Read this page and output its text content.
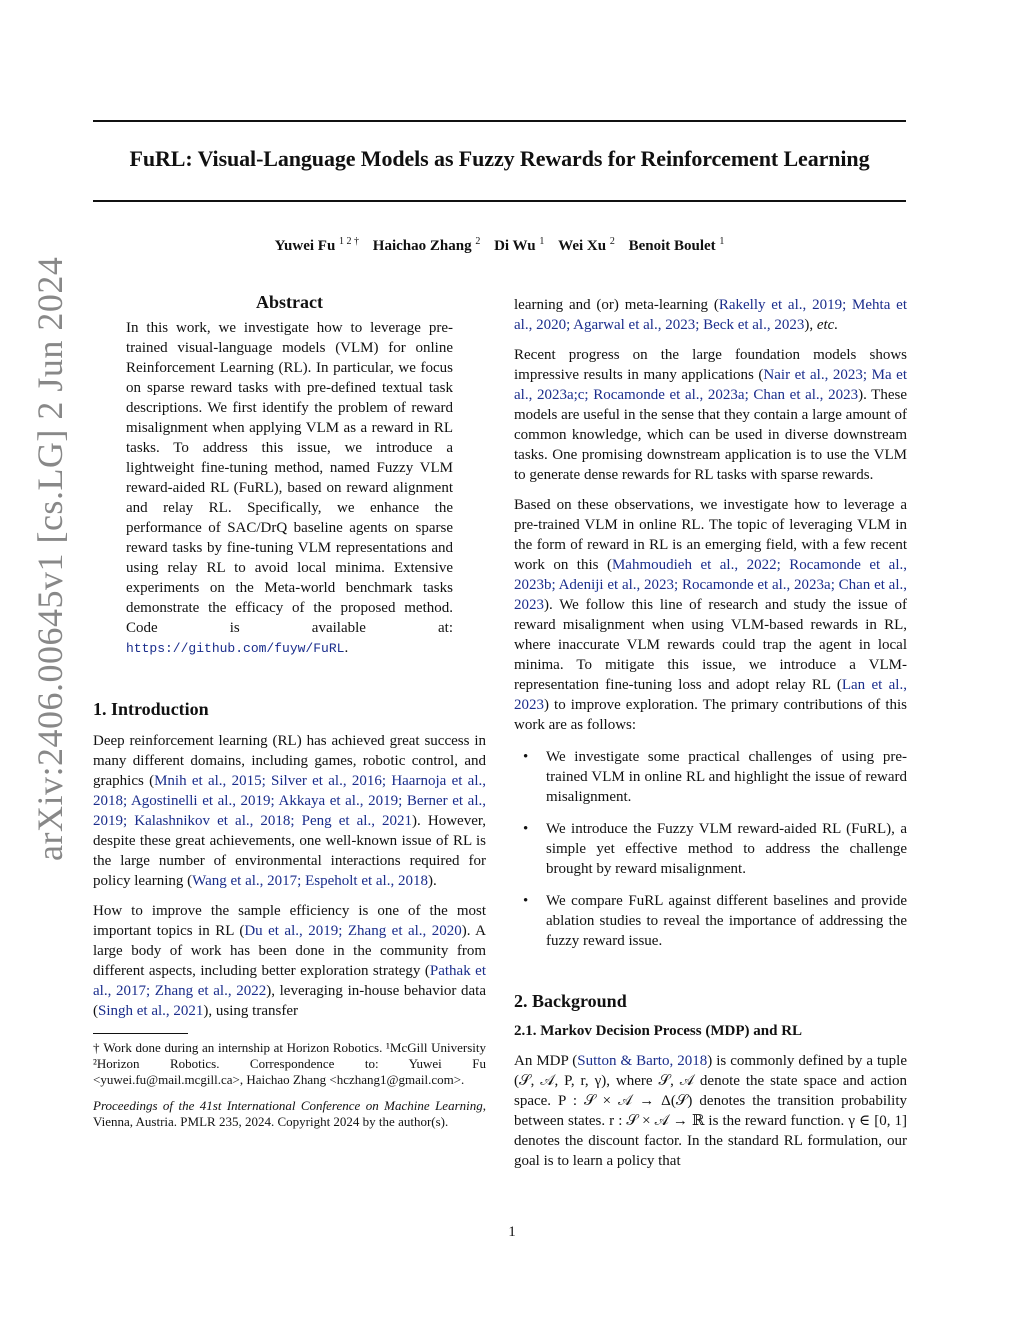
FuRL: Visual-Language Models as Fuzzy Rewards for Reinforcement Learning
Yuwei Fu $^{1 2 \dagger}$ Haichao Zhang $^2$ Di Wu $^1$ Wei Xu $^2$ Benoit Boulet $^1$
arXiv:2406.00645v1 [cs.LG] 2 Jun 2024	Abstract

In this work, we investigate how to leverage pre-trained visual-language models (VLM) for online Reinforcement Learning (RL). In particular, we focus on sparse reward tasks with pre-defined textual task descriptions. We first identify the problem of reward misalignment when applying VLM as a reward in RL tasks. To address this issue, we introduce a lightweight fine-tuning method, named Fuzzy VLM reward-aided RL (FuRL), based on reward alignment and relay RL. Specifically, we enhance the performance of SAC/DrQ baseline agents on sparse reward tasks by fine-tuning VLM representations and using relay RL to avoid local minima. Extensive experiments on the Meta-world benchmark tasks demonstrate the efficacy of the proposed method. Code is available at: https://github.com/fuyw/FuRL.

1. Introduction

Deep reinforcement learning (RL) has achieved great success in many different domains, including games, robotic control, and graphics (Mnih et al., 2015; Silver et al., 2016; Haarnoja et al., 2018; Agostinelli et al., 2019; Akkaya et al., 2019; Berner et al., 2019; Kalashnikov et al., 2018; Peng et al., 2021). However, despite these great achievements, one well-known issue of RL is the large number of environmental interactions required for policy learning (Wang et al., 2017; Espeholt et al., 2018).

How to improve the sample efficiency is one of the most important topics in RL (Du et al., 2019; Zhang et al., 2020). A large body of work has been done in the community from different aspects, including better exploration strategy (Pathak et al., 2017; Zhang et al., 2022), leveraging in-house behavior data (Singh et al., 2021), using transfer

† Work done during an internship at Horizon Robotics. ¹McGill University ²Horizon Robotics. Correspondence to: Yuwei Fu <yuwei.fu@mail.mcgill.ca>, Haichao Zhang <hczhang1@gmail.com>.

Proceedings of the 41st International Conference on Machine Learning, Vienna, Austria. PMLR 235, 2024. Copyright 2024 by the author(s).

learning and (or) meta-learning (Rakelly et al., 2019; Mehta et al., 2020; Agarwal et al., 2023; Beck et al., 2023), etc.

Recent progress on the large foundation models shows impressive results in many applications (Nair et al., 2023; Ma et al., 2023a;c; Rocamonde et al., 2023a; Chan et al., 2023). These models are useful in the sense that they contain a large amount of common knowledge, which can be used in diverse downstream tasks. One promising downstream application is to use the VLM to generate dense rewards for RL tasks with sparse rewards.

Based on these observations, we investigate how to leverage a pre-trained VLM in online RL. The topic of leveraging VLM in the form of reward in RL is an emerging field, with a few recent work on this (Mahmoudieh et al., 2022; Rocamonde et al., 2023b; Adeniji et al., 2023; Rocamonde et al., 2023a; Chan et al., 2023). We follow this line of research and study the issue of reward misalignment when using VLM-based rewards in RL, where inaccurate VLM rewards could trap the agent in local minima. To mitigate this issue, we introduce a VLM-representation fine-tuning loss and adopt relay RL (Lan et al., 2023) to improve exploration. The primary contributions of this work are as follows:

• We investigate some practical challenges of using pre-trained VLM in online RL and highlight the issue of reward misalignment.
• We introduce the Fuzzy VLM reward-aided RL (FuRL), a simple yet effective method to address the challenge brought by reward misalignment.
• We compare FuRL against different baselines and provide ablation studies to reveal the importance of addressing the fuzzy reward issue.
2. Background
2.1. Markov Decision Process (MDP) and RL

An MDP (Sutton & Barto, 2018) is commonly defined by a tuple (𝒮, 𝒜, P, r, γ), where 𝒮, 𝒜 denote the state space and action space. P : 𝒮 × 𝒜 → Δ(𝒮) denotes the transition probability between states. r : 𝒮 × 𝒜 → ℝ is the reward function. γ ∈ [0, 1] denotes the discount factor. In the standard RL formulation, our goal is to learn a policy that

1
